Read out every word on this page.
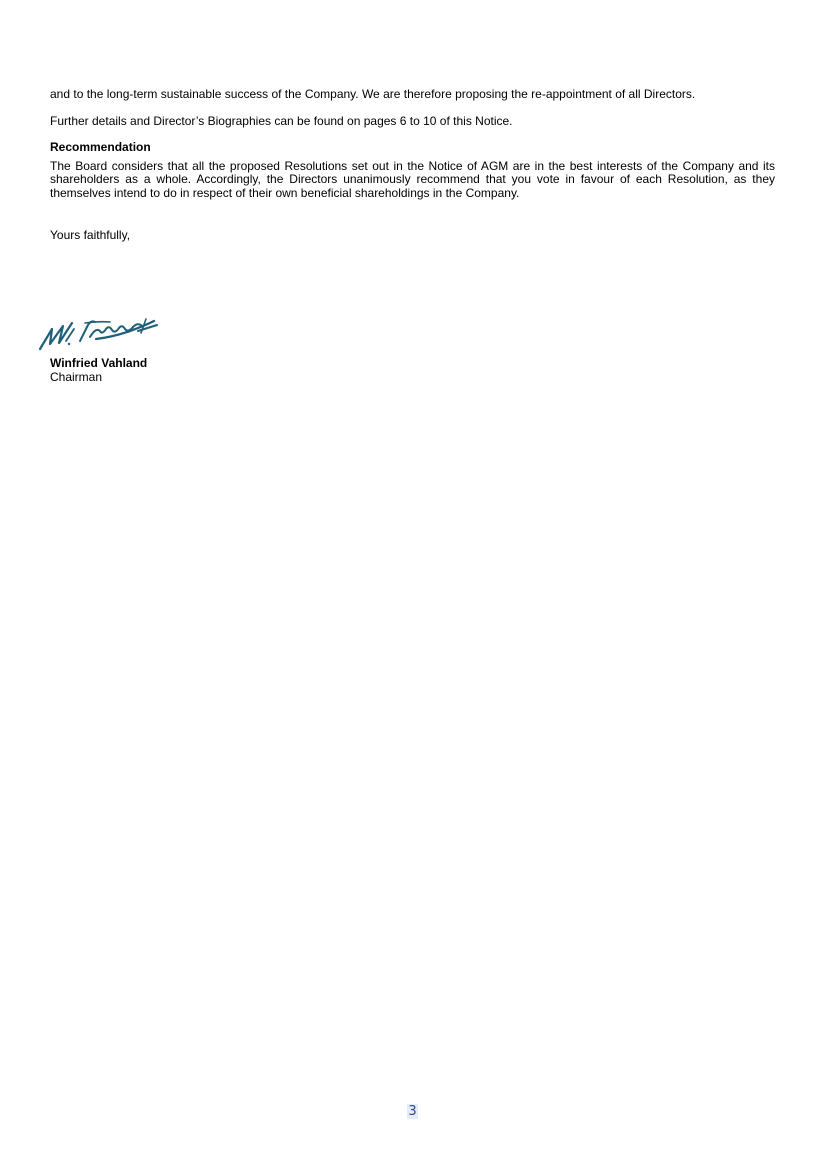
and to the long-term sustainable success of the Company. We are therefore proposing the re-appointment of all Directors.

Further details and Director’s Biographies can be found on pages 6 to 10 of this Notice.

Recommendation

The Board considers that all the proposed Resolutions set out in the Notice of AGM are in the best interests of the Company and its shareholders as a whole. Accordingly, the Directors unanimously recommend that you vote in favour of each Resolution, as they themselves intend to do in respect of their own beneficial shareholdings in the Company.

Yours faithfully,

Winfried Vahland
Chairman
3
